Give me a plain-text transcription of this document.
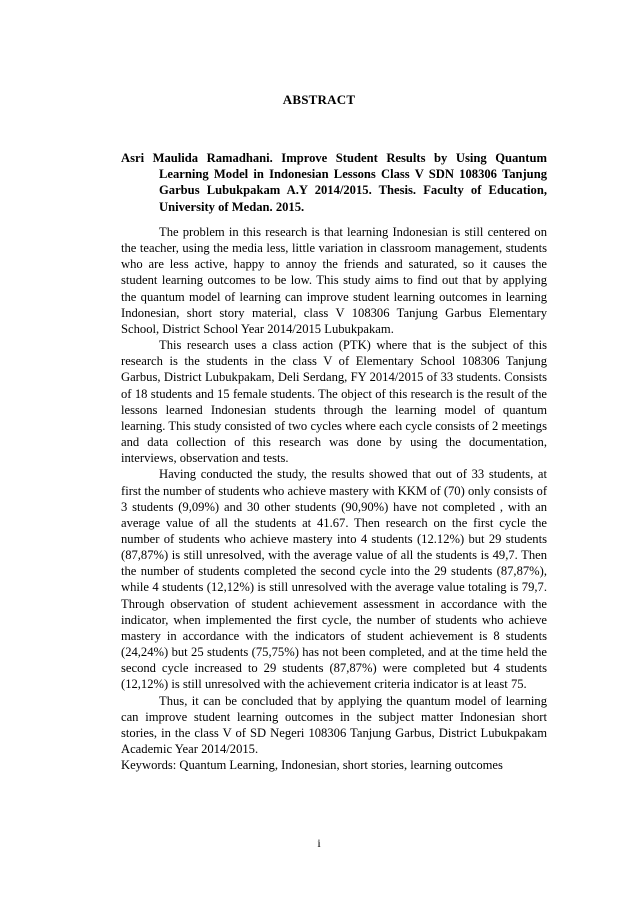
ABSTRACT
Asri Maulida Ramadhani. Improve Student Results by Using Quantum Learning Model in Indonesian Lessons Class V SDN 108306 Tanjung Garbus Lubukpakam A.Y 2014/2015. Thesis. Faculty of Education, University of Medan. 2015.

The problem in this research is that learning Indonesian is still centered on the teacher, using the media less, little variation in classroom management, students who are less active, happy to annoy the friends and saturated, so it causes the student learning outcomes to be low. This study aims to find out that by applying the quantum model of learning can improve student learning outcomes in learning Indonesian, short story material, class V 108306 Tanjung Garbus Elementary School, District School Year 2014/2015 Lubukpakam.

This research uses a class action (PTK) where that is the subject of this research is the students in the class V of Elementary School 108306 Tanjung Garbus, District Lubukpakam, Deli Serdang, FY 2014/2015 of 33 students. Consists of 18 students and 15 female students. The object of this research is the result of the lessons learned Indonesian students through the learning model of quantum learning. This study consisted of two cycles where each cycle consists of 2 meetings and data collection of this research was done by using the documentation, interviews, observation and tests.

Having conducted the study, the results showed that out of 33 students, at first the number of students who achieve mastery with KKM of (70) only consists of 3 students (9,09%) and 30 other students (90,90%) have not completed , with an average value of all the students at 41.67. Then research on the first cycle the number of students who achieve mastery into 4 students (12.12%) but 29 students (87,87%) is still unresolved, with the average value of all the students is 49,7. Then the number of students completed the second cycle into the 29 students (87,87%), while 4 students (12,12%) is still unresolved with the average value totaling is 79,7. Through observation of student achievement assessment in accordance with the indicator, when implemented the first cycle, the number of students who achieve mastery in accordance with the indicators of student achievement is 8 students (24,24%) but 25 students (75,75%) has not been completed, and at the time held the second cycle increased to 29 students (87,87%) were completed but 4 students (12,12%) is still unresolved with the achievement criteria indicator is at least 75.

Thus, it can be concluded that by applying the quantum model of learning can improve student learning outcomes in the subject matter Indonesian short stories, in the class V of SD Negeri 108306 Tanjung Garbus, District Lubukpakam Academic Year 2014/2015.

Keywords: Quantum Learning, Indonesian, short stories, learning outcomes
i
